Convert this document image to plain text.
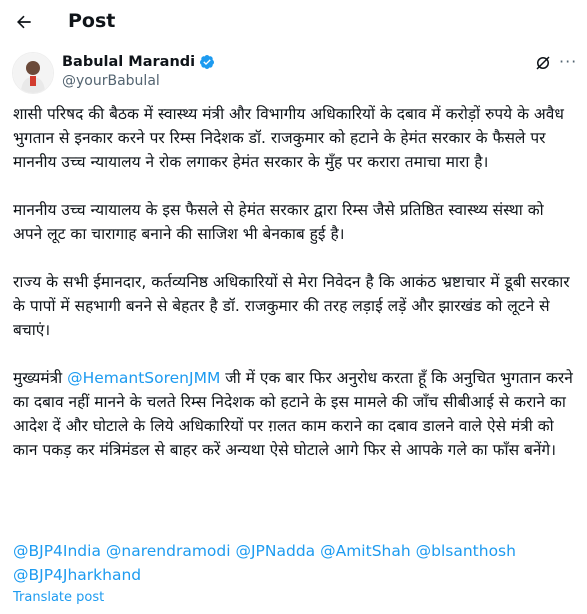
Post
Babulal Marandi
@yourBabulal
···

शासी परिषद की बैठक में स्वास्थ्य मंत्री और विभागीय अधिकारियों के दबाव में करोड़ों रुपये के अवैध भुगतान से इनकार करने पर रिम्स निदेशक डॉ. राजकुमार को हटाने के हेमंत सरकार के फैसले पर माननीय उच्च न्यायालय ने रोक लगाकर हेमंत सरकार के मुँह पर करारा तमाचा मारा है।

माननीय उच्च न्यायालय के इस फैसले से हेमंत सरकार द्वारा रिम्स जैसे प्रतिष्ठित स्वास्थ्य संस्था को अपने लूट का चारागाह बनाने की साजिश भी बेनकाब हुई है।

राज्य के सभी ईमानदार, कर्तव्यनिष्ठ अधिकारियों से मेरा निवेदन है कि आकंठ भ्रष्टाचार में डूबी सरकार के पापों में सहभागी बनने से बेहतर है डॉ. राजकुमार की तरह लड़ाई लड़ें और झारखंड को लूटने से बचाएं।

मुख्यमंत्री @HemantSorenJMM जी में एक बार फिर अनुरोध करता हूँ कि अनुचित भुगतान करने का दबाव नहीं मानने के चलते रिम्स निदेशक को हटाने के इस मामले की जाँच सीबीआई से कराने का आदेश दें और घोटाले के लिये अधिकारियों पर ग़लत काम कराने का दबाव डालने वाले ऐसे मंत्री को कान पकड़ कर मंत्रिमंडल से बाहर करें अन्यथा ऐसे घोटाले आगे फिर से आपके गले का फाँस बनेंगे।

@BJP4India @narendramodi @JPNadda @AmitShah @blsanthosh @BJP4Jharkhand
Translate post
